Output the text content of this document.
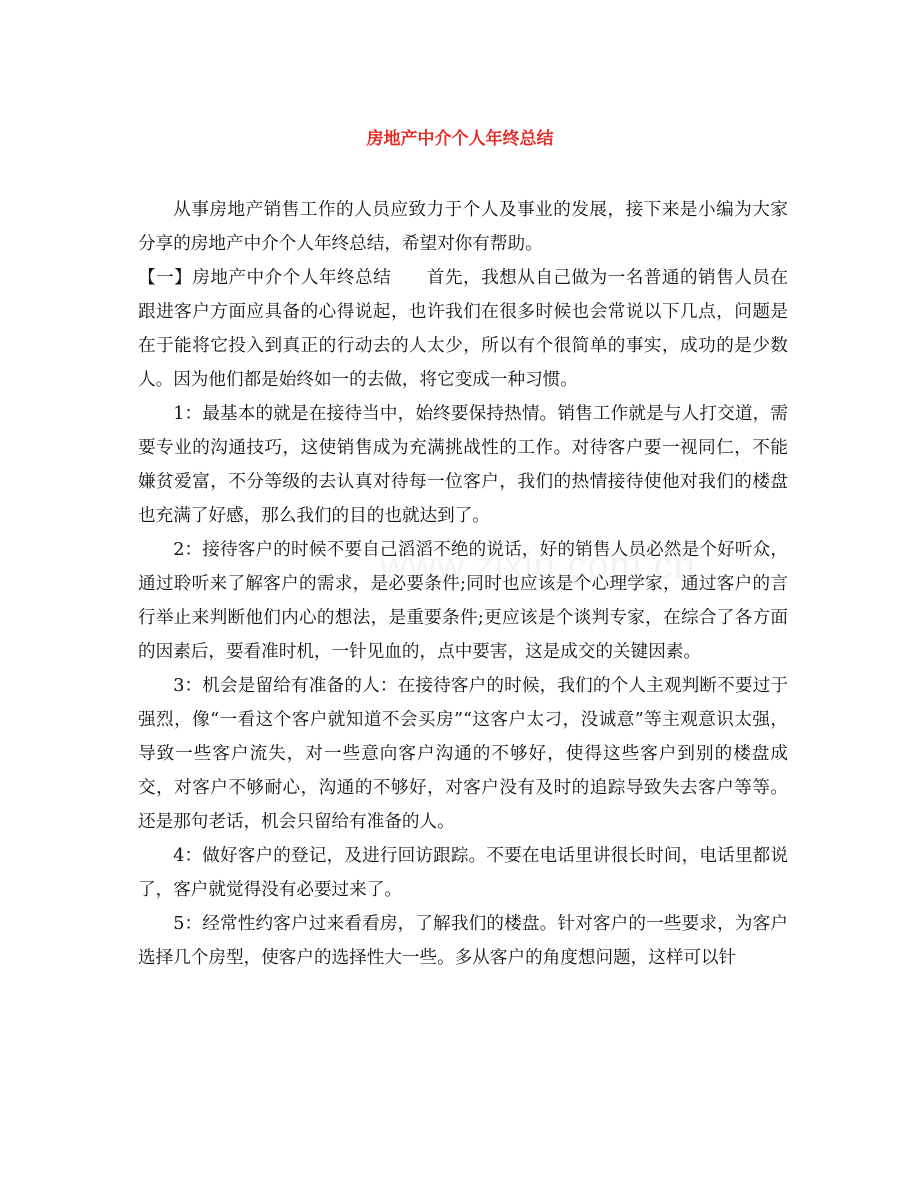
房地产中介个人年终总结

从事房地产销售工作的人员应致力于个人及事业的发展，接下来是小编为大家分享的房地产中介个人年终总结，希望对你有帮助。

【一】房地产中介个人年终总结 首先，我想从自己做为一名普通的销售人员在跟进客户方面应具备的心得说起，也许我们在很多时候也会常说以下几点，问题是在于能将它投入到真正的行动去的人太少，所以有个很简单的事实，成功的是少数人。因为他们都是始终如一的去做，将它变成一种习惯。

1：最基本的就是在接待当中，始终要保持热情。销售工作就是与人打交道，需要专业的沟通技巧，这使销售成为充满挑战性的工作。对待客户要一视同仁，不能嫌贫爱富，不分等级的去认真对待每一位客户，我们的热情接待使他对我们的楼盘也充满了好感，那么我们的目的也就达到了。

2：接待客户的时候不要自己滔滔不绝的说话，好的销售人员必然是个好听众，通过聆听来了解客户的需求，是必要条件;同时也应该是个心理学家，通过客户的言行举止来判断他们内心的想法，是重要条件;更应该是个谈判专家，在综合了各方面的因素后，要看准时机，一针见血的，点中要害，这是成交的关键因素。

3：机会是留给有准备的人：在接待客户的时候，我们的个人主观判断不要过于强烈，像“一看这个客户就知道不会买房”“这客户太刁，没诚意”等主观意识太强，导致一些客户流失，对一些意向客户沟通的不够好，使得这些客户到别的楼盘成交，对客户不够耐心，沟通的不够好，对客户没有及时的追踪导致失去客户等等。还是那句老话，机会只留给有准备的人。

4：做好客户的登记，及进行回访跟踪。不要在电话里讲很长时间，电话里都说了，客户就觉得没有必要过来了。

5：经常性约客户过来看看房，了解我们的楼盘。针对客户的一些要求，为客户选择几个房型，使客户的选择性大一些。多从客户的角度想问题，这样可以针
